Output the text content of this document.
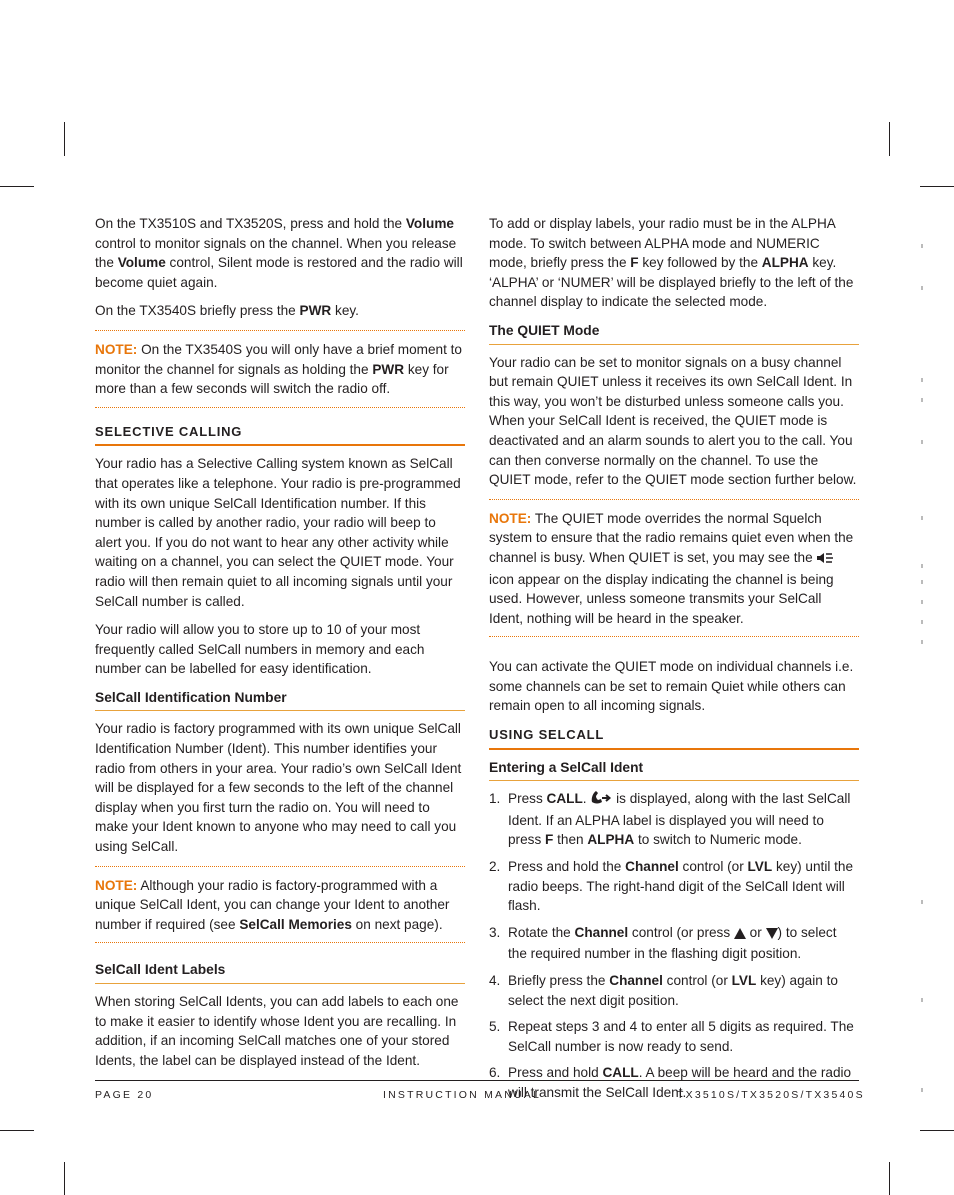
On the TX3510S and TX3520S, press and hold the Volume control to monitor signals on the channel. When you release the Volume control, Silent mode is restored and the radio will become quiet again.

On the TX3540S briefly press the PWR key.

NOTE: On the TX3540S you will only have a brief moment to monitor the channel for signals as holding the PWR key for more than a few seconds will switch the radio off.
SELECTIVE CALLING

Your radio has a Selective Calling system known as SelCall that operates like a telephone. Your radio is pre-programmed with its own unique SelCall Identification number. If this number is called by another radio, your radio will beep to alert you. If you do not want to hear any other activity while waiting on a channel, you can select the QUIET mode. Your radio will then remain quiet to all incoming signals until your SelCall number is called.

Your radio will allow you to store up to 10 of your most frequently called SelCall numbers in memory and each number can be labelled for easy identification.

SelCall Identification Number

Your radio is factory programmed with its own unique SelCall Identification Number (Ident). This number identifies your radio from others in your area. Your radio’s own SelCall Ident will be displayed for a few seconds to the left of the channel display when you first turn the radio on. You will need to make your Ident known to anyone who may need to call you using SelCall.

NOTE: Although your radio is factory-programmed with a unique SelCall Ident, you can change your Ident to another number if required (see SelCall Memories on next page).
SelCall Ident Labels

When storing SelCall Idents, you can add labels to each one to make it easier to identify whose Ident you are recalling. In addition, if an incoming SelCall matches one of your stored Idents, the label can be displayed instead of the Ident.

To add or display labels, your radio must be in the ALPHA mode. To switch between ALPHA mode and NUMERIC mode, briefly press the F key followed by the ALPHA key. ‘ALPHA’ or ‘NUMER’ will be displayed briefly to the left of the channel display to indicate the selected mode.

The QUIET Mode

Your radio can be set to monitor signals on a busy channel but remain QUIET unless it receives its own SelCall Ident. In this way, you won’t be disturbed unless someone calls you. When your SelCall Ident is received, the QUIET mode is deactivated and an alarm sounds to alert you to the call. You can then converse normally on the channel. To use the QUIET mode, refer to the QUIET mode section further below.

NOTE: The QUIET mode overrides the normal Squelch system to ensure that the radio remains quiet even when the channel is busy. When QUIET is set, you may see the  icon appear on the display indicating the channel is being used. However, unless someone transmits your SelCall Ident, nothing will be heard in the speaker.

You can activate the QUIET mode on individual channels i.e. some channels can be set to remain Quiet while others can remain open to all incoming signals.

USING SELCALL
Entering a SelCall Ident
1. Press CALL.  is displayed, along with the last SelCall Ident. If an ALPHA label is displayed you will need to press F then ALPHA to switch to Numeric mode.
2. Press and hold the Channel control (or LVL key) until the radio beeps. The right-hand digit of the SelCall Ident will flash.
3. Rotate the Channel control (or press  or ) to select the required number in the flashing digit position.
4. Briefly press the Channel control (or LVL key) again to select the next digit position.
5. Repeat steps 3 and 4 to enter all 5 digits as required. The SelCall number is now ready to send.
6. Press and hold CALL. A beep will be heard and the radio will transmit the SelCall Ident.
PAGE 20	INSTRUCTION MANUAL	TX3510S/TX3520S/TX3540S
